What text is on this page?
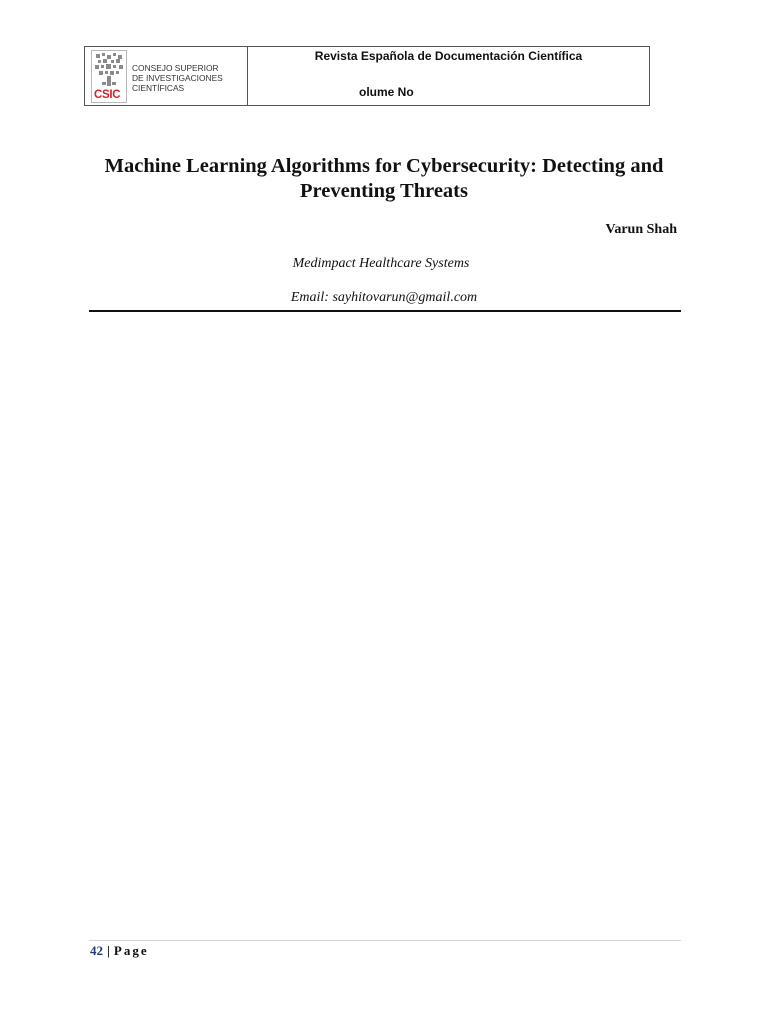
CSIC
CONSEJO SUPERIOR
DE INVESTIGACIONES
CIENTÍFICAS
Revista Española de Documentación Científica
olume No
Machine Learning Algorithms for Cybersecurity: Detecting and Preventing Threats
Varun Shah
Medimpact Healthcare Systems
Email: sayhitovarun@gmail.com
42 | Page
